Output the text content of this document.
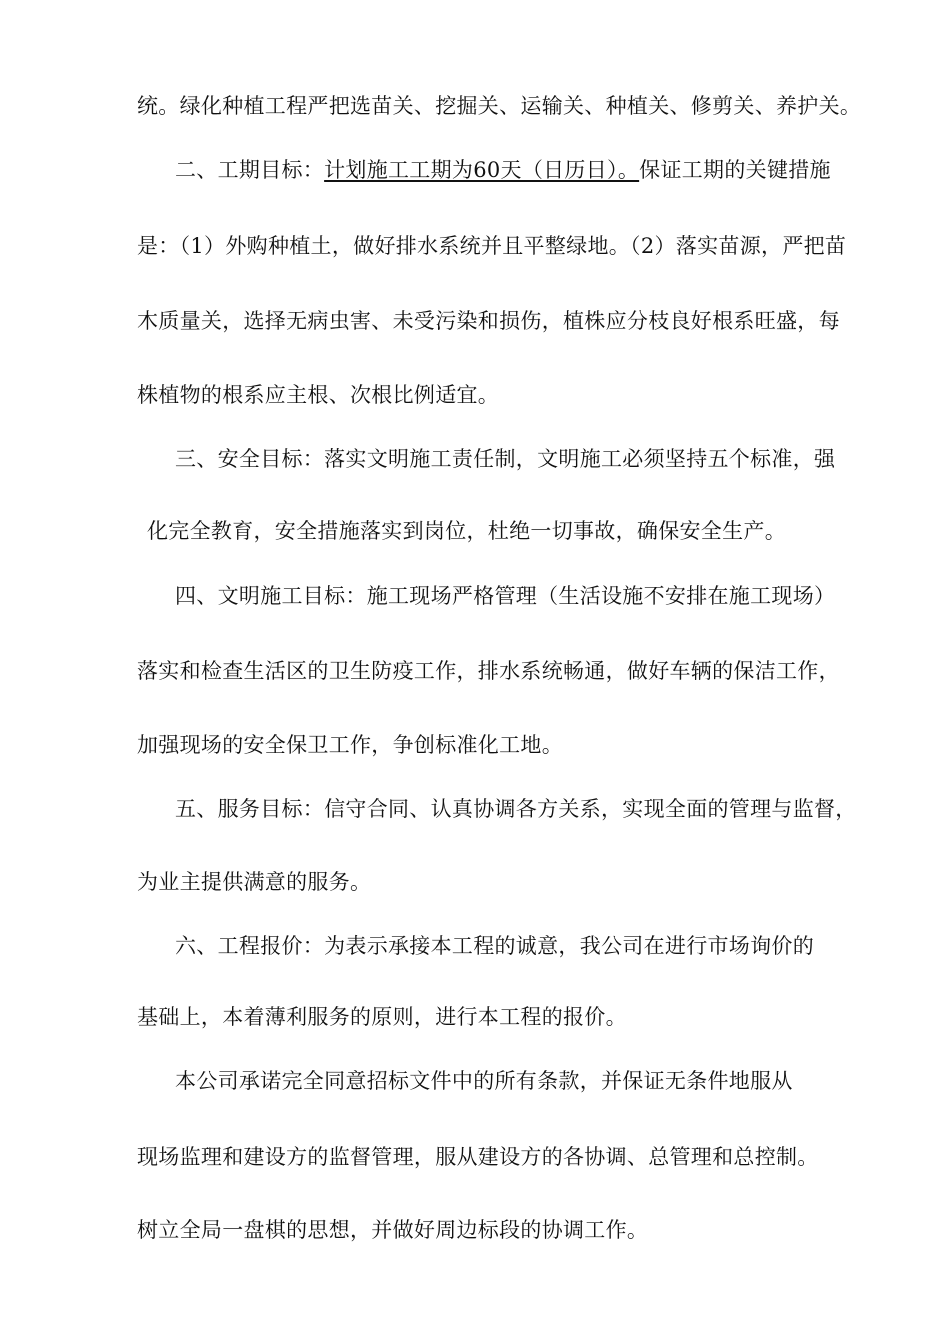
统。绿化种植工程严把选苗关、挖掘关、运输关、种植关、修剪关、养护关。
二、工期目标：计划施工工期为60天（日历日）。保证工期的关键措施
是：（1）外购种植土，做好排水系统并且平整绿地。（2）落实苗源，严把苗
木质量关，选择无病虫害、未受污染和损伤，植株应分枝良好根系旺盛，每
株植物的根系应主根、次根比例适宜。
三、安全目标：落实文明施工责任制，文明施工必须坚持五个标准，强
化完全教育，安全措施落实到岗位，杜绝一切事故，确保安全生产。
四、文明施工目标：施工现场严格管理（生活设施不安排在施工现场）
落实和检查生活区的卫生防疫工作，排水系统畅通，做好车辆的保洁工作，
加强现场的安全保卫工作，争创标准化工地。
五、服务目标：信守合同、认真协调各方关系，实现全面的管理与监督，
为业主提供满意的服务。
六、工程报价：为表示承接本工程的诚意，我公司在进行市场询价的
基础上，本着薄利服务的原则，进行本工程的报价。
本公司承诺完全同意招标文件中的所有条款，并保证无条件地服从
现场监理和建设方的监督管理，服从建设方的各协调、总管理和总控制。
树立全局一盘棋的思想，并做好周边标段的协调工作。
